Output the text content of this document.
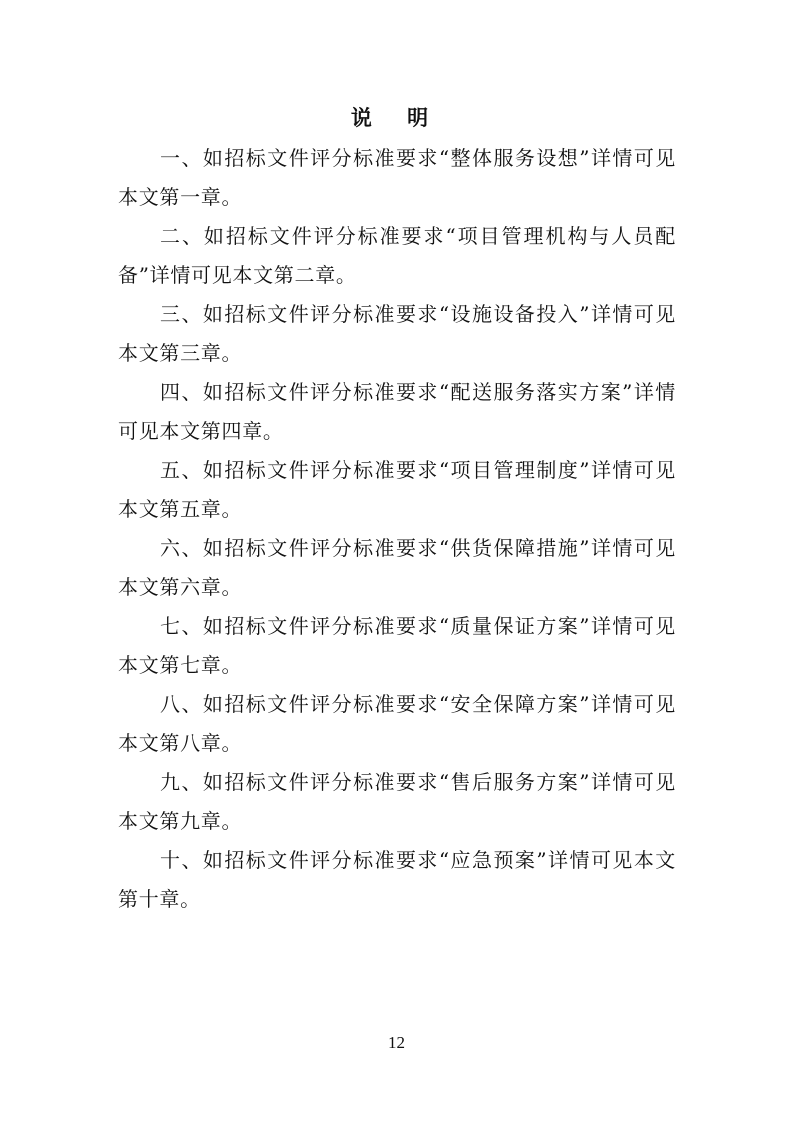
说 明

一、如招标文件评分标准要求“整体服务设想”详情可见本文第一章。

二、如招标文件评分标准要求“项目管理机构与人员配备”详情可见本文第二章。

三、如招标文件评分标准要求“设施设备投入”详情可见本文第三章。

四、如招标文件评分标准要求“配送服务落实方案”详情可见本文第四章。

五、如招标文件评分标准要求“项目管理制度”详情可见本文第五章。

六、如招标文件评分标准要求“供货保障措施”详情可见本文第六章。

七、如招标文件评分标准要求“质量保证方案”详情可见本文第七章。

八、如招标文件评分标准要求“安全保障方案”详情可见本文第八章。

九、如招标文件评分标准要求“售后服务方案”详情可见本文第九章。

十、如招标文件评分标准要求“应急预案”详情可见本文第十章。

12
